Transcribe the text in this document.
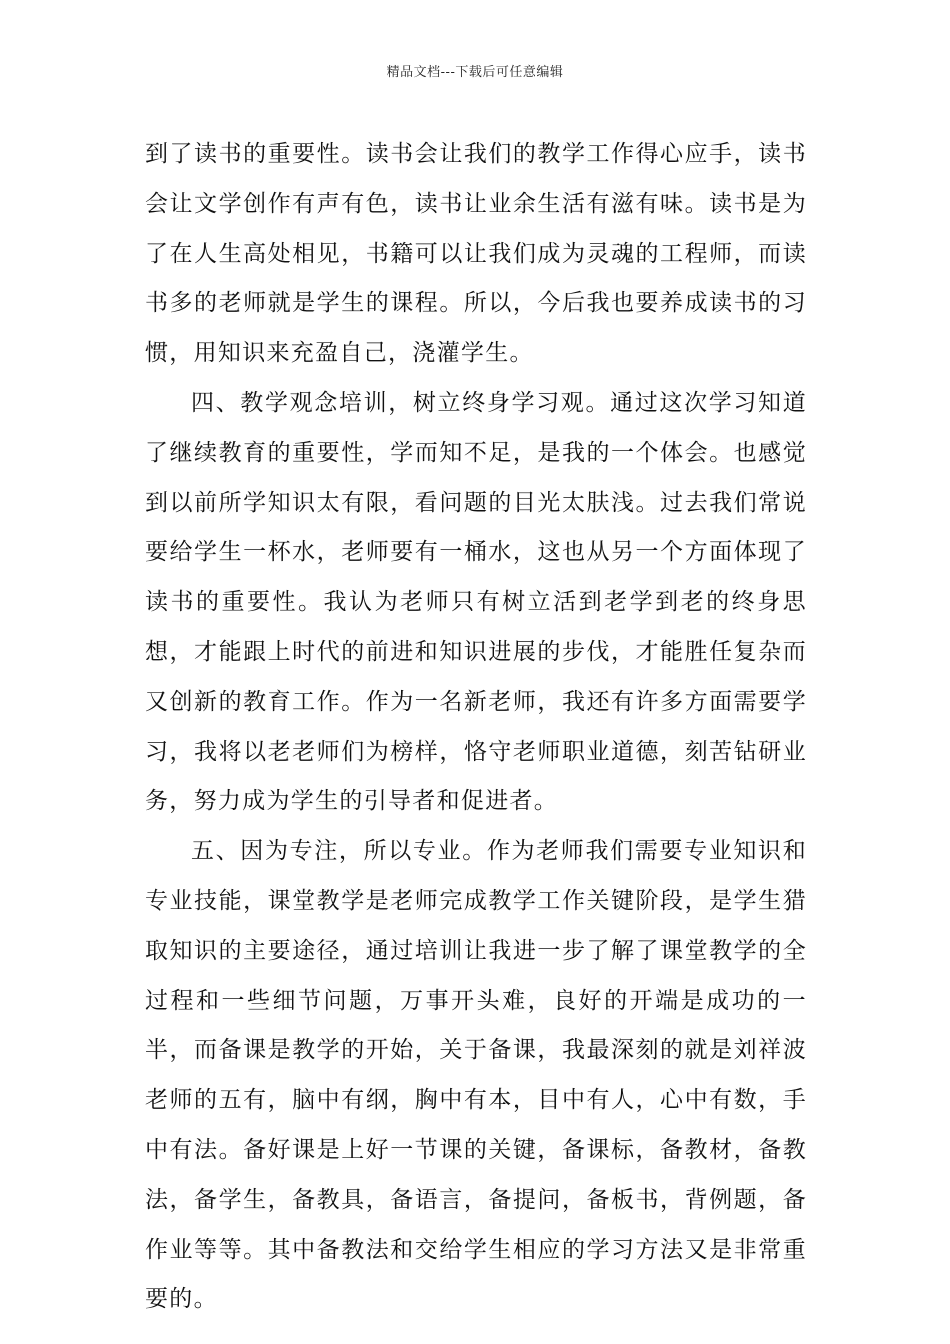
精品文档---下载后可任意编辑

到了读书的重要性。读书会让我们的教学工作得心应手，读书会让文学创作有声有色，读书让业余生活有滋有味。读书是为了在人生高处相见，书籍可以让我们成为灵魂的工程师，而读书多的老师就是学生的课程。所以，今后我也要养成读书的习惯，用知识来充盈自己，浇灌学生。

四、教学观念培训，树立终身学习观。通过这次学习知道了继续教育的重要性，学而知不足，是我的一个体会。也感觉到以前所学知识太有限，看问题的目光太肤浅。过去我们常说要给学生一杯水，老师要有一桶水，这也从另一个方面体现了读书的重要性。我认为老师只有树立活到老学到老的终身思想，才能跟上时代的前进和知识进展的步伐，才能胜任复杂而又创新的教育工作。作为一名新老师，我还有许多方面需要学习，我将以老老师们为榜样，恪守老师职业道德，刻苦钻研业务，努力成为学生的引导者和促进者。

五、因为专注，所以专业。作为老师我们需要专业知识和专业技能，课堂教学是老师完成教学工作关键阶段，是学生猎取知识的主要途径，通过培训让我进一步了解了课堂教学的全过程和一些细节问题，万事开头难，良好的开端是成功的一半，而备课是教学的开始，关于备课，我最深刻的就是刘祥波老师的五有，脑中有纲，胸中有本，目中有人，心中有数，手中有法。备好课是上好一节课的关键，备课标，备教材，备教法，备学生，备教具，备语言，备提问，备板书，背例题，备作业等等。其中备教法和交给学生相应的学习方法又是非常重要的。
